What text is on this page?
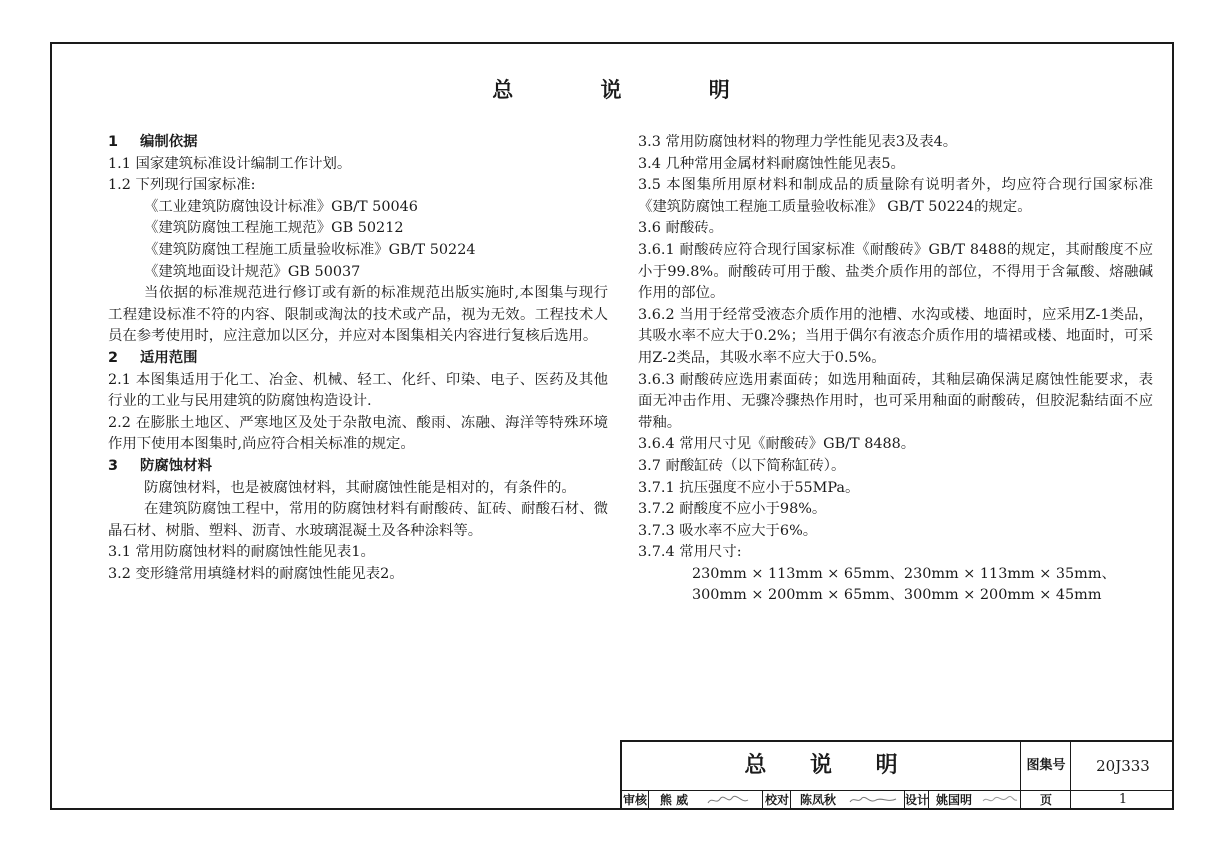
总 说 明

1 编制依据

1.1 国家建筑标准设计编制工作计划。

1.2 下列现行国家标准:

《工业建筑防腐蚀设计标准》GB/T 50046

《建筑防腐蚀工程施工规范》GB 50212

《建筑防腐蚀工程施工质量验收标准》GB/T 50224

《建筑地面设计规范》GB 50037

当依据的标准规范进行修订或有新的标准规范出版实施时,本图集与现行工程建设标准不符的内容、限制或淘汰的技术或产品，视为无效。工程技术人员在参考使用时，应注意加以区分，并应对本图集相关内容进行复核后选用。

2 适用范围

2.1 本图集适用于化工、冶金、机械、轻工、化纤、印染、电子、医药及其他行业的工业与民用建筑的防腐蚀构造设计.

2.2 在膨胀土地区、严寒地区及处于杂散电流、酸雨、冻融、海洋等特殊环境作用下使用本图集时,尚应符合相关标准的规定。

3 防腐蚀材料

防腐蚀材料，也是被腐蚀材料，其耐腐蚀性能是相对的，有条件的。

在建筑防腐蚀工程中，常用的防腐蚀材料有耐酸砖、缸砖、耐酸石材、微晶石材、树脂、塑料、沥青、水玻璃混凝土及各种涂料等。

3.1 常用防腐蚀材料的耐腐蚀性能见表1。

3.2 变形缝常用填缝材料的耐腐蚀性能见表2。

3.3 常用防腐蚀材料的物理力学性能见表3及表4。

3.4 几种常用金属材料耐腐蚀性能见表5。

3.5 本图集所用原材料和制成品的质量除有说明者外，均应符合现行国家标准《建筑防腐蚀工程施工质量验收标准》 GB/T 50224的规定。

3.6 耐酸砖。

3.6.1 耐酸砖应符合现行国家标准《耐酸砖》GB/T 8488的规定，其耐酸度不应小于99.8%。耐酸砖可用于酸、盐类介质作用的部位，不得用于含氟酸、熔融碱作用的部位。

3.6.2 当用于经常受液态介质作用的池槽、水沟或楼、地面时，应采用Z-1类品，其吸水率不应大于0.2%；当用于偶尔有液态介质作用的墙裙或楼、地面时，可采用Z-2类品，其吸水率不应大于0.5%。

3.6.3 耐酸砖应选用素面砖；如选用釉面砖，其釉层确保满足腐蚀性能要求，表面无冲击作用、无骤冷骤热作用时，也可采用釉面的耐酸砖，但胶泥黏结面不应带釉。

3.6.4 常用尺寸见《耐酸砖》GB/T 8488。

3.7 耐酸缸砖（以下简称缸砖）。

3.7.1 抗压强度不应小于55MPa。

3.7.2 耐酸度不应小于98%。

3.7.3 吸水率不应大于6%。

3.7.4 常用尺寸:

230mm × 113mm × 65mm、230mm × 113mm × 35mm、

300mm × 200mm × 65mm、300mm × 200mm × 45mm

总 说 明	图集号	20J333
审核	熊 威	校对 陈凤秋	设计 姚国明	页	1
